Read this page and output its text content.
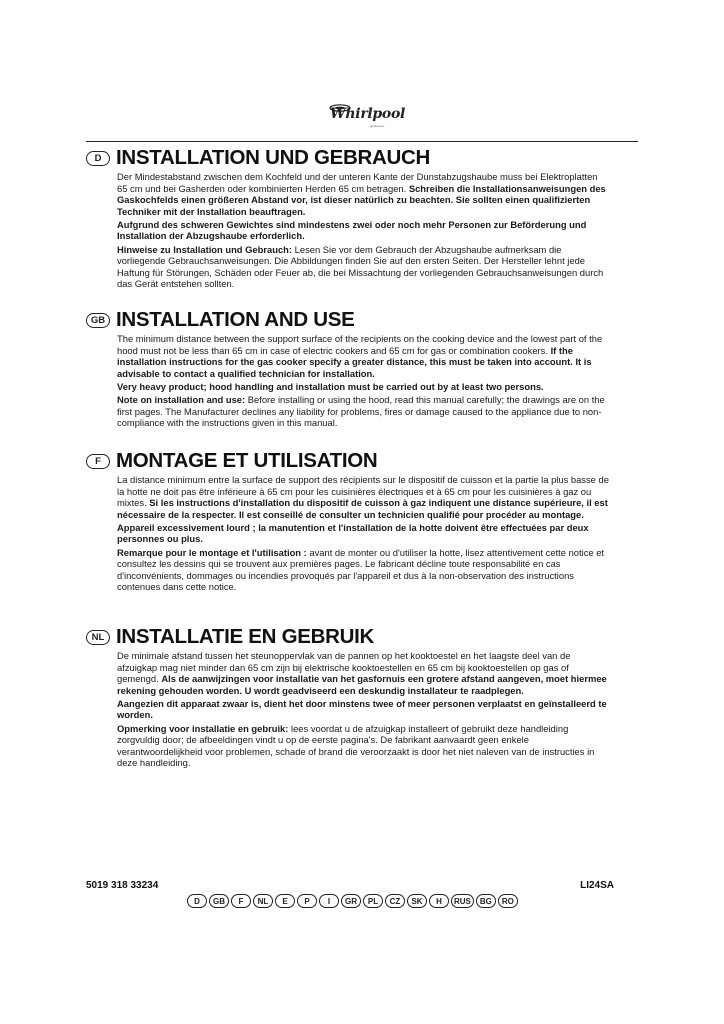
Whirlpool
appliances
D INSTALLATION UND GEBRAUCH

Der Mindestabstand zwischen dem Kochfeld und der unteren Kante der Dunstabzugshaube muss bei Elektroplatten 65 cm und bei Gasherden oder kombinierten Herden 65 cm betragen. Schreiben die Installationsanweisungen des Gaskochfelds einen größeren Abstand vor, ist dieser natürlich zu beachten. Sie sollten einen qualifizierten Techniker mit der Installation beauftragen.

Aufgrund des schweren Gewichtes sind mindestens zwei oder noch mehr Personen zur Beförderung und Installation der Abzugshaube erforderlich.

Hinweise zu Installation und Gebrauch: Lesen Sie vor dem Gebrauch der Abzugshaube aufmerksam die vorliegende Gebrauchsanweisungen. Die Abbildungen finden Sie auf den ersten Seiten. Der Hersteller lehnt jede Haftung für Störungen, Schäden oder Feuer ab, die bei Missachtung der vorliegenden Gebrauchsanweisungen durch das Gerät entstehen sollten.

GB INSTALLATION AND USE

The minimum distance between the support surface of the recipients on the cooking device and the lowest part of the hood must not be less than 65 cm in case of electric cookers and 65 cm for gas or combination cookers. If the installation instructions for the gas cooker specify a greater distance, this must be taken into account. It is advisable to contact a qualified technician for installation.

Very heavy product; hood handling and installation must be carried out by at least two persons.

Note on installation and use: Before installing or using the hood, read this manual carefully; the drawings are on the first pages. The Manufacturer declines any liability for problems, fires or damage caused to the appliance due to non-compliance with the instructions given in this manual.

F MONTAGE ET UTILISATION

La distance minimum entre la surface de support des récipients sur le dispositif de cuisson et la partie la plus basse de la hotte ne doit pas être inférieure à 65 cm pour les cuisinières électriques et à 65 cm pour les cuisinières à gaz ou mixtes. Si les instructions d'installation du dispositif de cuisson à gaz indiquent une distance supérieure, il est nécessaire de la respecter. Il est conseillé de consulter un technicien qualifié pour procéder au montage.

Appareil excessivement lourd ; la manutention et l'installation de la hotte doivent être effectuées par deux personnes ou plus.

Remarque pour le montage et l'utilisation : avant de monter ou d'utiliser la hotte, lisez attentivement cette notice et consultez les dessins qui se trouvent aux premières pages. Le fabricant décline toute responsabilité en cas d'inconvénients, dommages ou incendies provoqués par l'appareil et dus à la non-observation des instructions contenues dans cette notice.

NL INSTALLATIE EN GEBRUIK

De minimale afstand tussen het steunoppervlak van de pannen op het kooktoestel en het laagste deel van de afzuigkap mag niet minder dan 65 cm zijn bij elektrische kooktoestellen en 65 cm bij kooktoestellen op gas of gemengd. Als de aanwijzingen voor installatie van het gasfornuis een grotere afstand aangeven, moet hiermee rekening gehouden worden. U wordt geadviseerd een deskundig installateur te raadplegen.

Aangezien dit apparaat zwaar is, dient het door minstens twee of meer personen verplaatst en geïnstalleerd te worden.

Opmerking voor installatie en gebruik: lees voordat u de afzuigkap installeert of gebruikt deze handleiding zorgvuldig door; de afbeeldingen vindt u op de eerste pagina's. De fabrikant aanvaardt geen enkele verantwoordelijkheid voor problemen, schade of brand die veroorzaakt is door het niet naleven van de instructies in deze handleiding.

5019 318 33234	LI24SA
D	GB	F	NL	E	P	I	GR	PL	CZ	SK	H	RUS	BG	RO
